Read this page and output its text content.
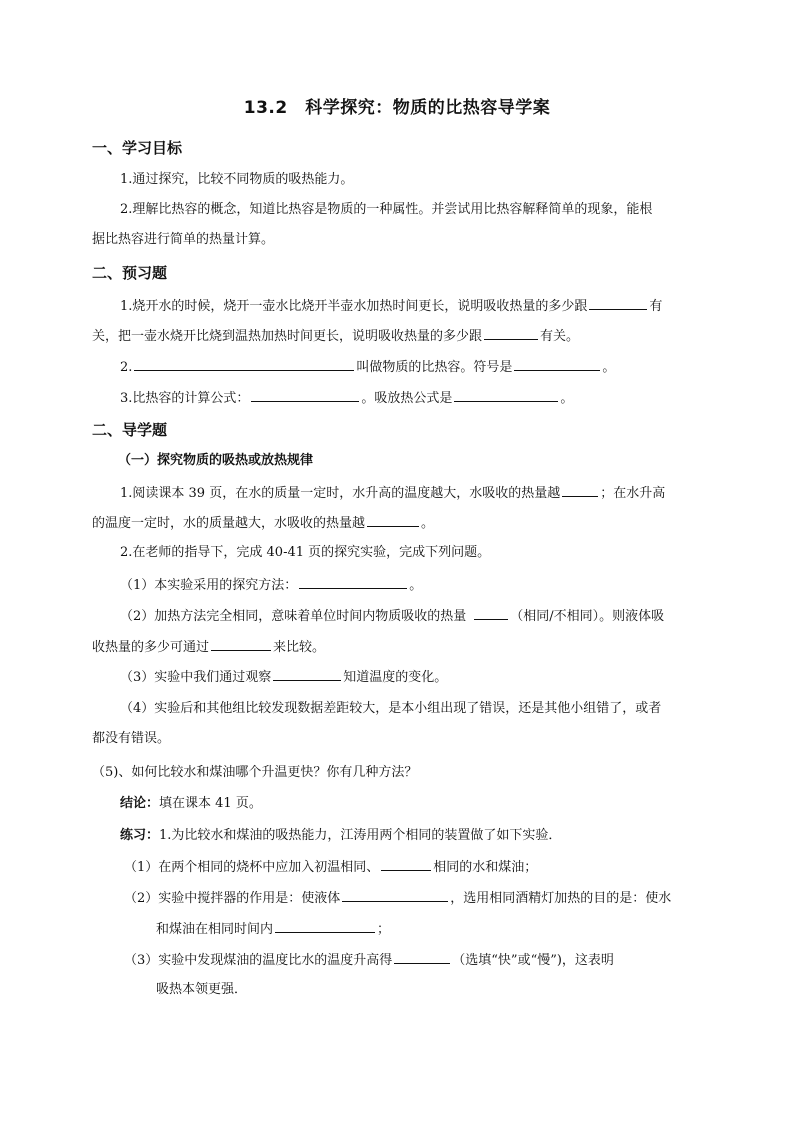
13.2　科学探究：物质的比热容导学案
一、学习目标
1.通过探究，比较不同物质的吸热能力。
2.理解比热容的概念，知道比热容是物质的一种属性。并尝试用比热容解释简单的现象，能根
据比热容进行简单的热量计算。
二、预习题
1.烧开水的时候，烧开一壶水比烧开半壶水加热时间更长，说明吸收热量的多少跟	有
关，把一壶水烧开比烧到温热加热时间更长，说明吸收热量的多少跟	有关。
2.	叫做物质的比热容。符号是	。
3.比热容的计算公式：	。吸放热公式是	。
二、导学题
（一）探究物质的吸热或放热规律
1.阅读课本 39 页，在水的质量一定时，水升高的温度越大，水吸收的热量越	；在水升高
的温度一定时，水的质量越大，水吸收的热量越	。
2.在老师的指导下，完成 40-41 页的探究实验，完成下列问题。
（1）本实验采用的探究方法：	。
（2）加热方法完全相同，意味着单位时间内物质吸收的热量	（相同/不相同）。则液体吸
收热量的多少可通过	来比较。
（3）实验中我们通过观察	知道温度的变化。
（4）实验后和其他组比较发现数据差距较大，是本小组出现了错误，还是其他小组错了，或者
都没有错误。
（5)、如何比较水和煤油哪个升温更快？你有几种方法？
结论：填在课本 41 页。
练习：1.为比较水和煤油的吸热能力，江涛用两个相同的装置做了如下实验．
（1）在两个相同的烧杯中应加入初温相同、	相同的水和煤油；
（2）实验中搅拌器的作用是：使液体	，选用相同酒精灯加热的目的是：使水
和煤油在相同时间内	；
（3）实验中发现煤油的温度比水的温度升高得	（选填“快”或“慢”)，这表明
吸热本领更强．
